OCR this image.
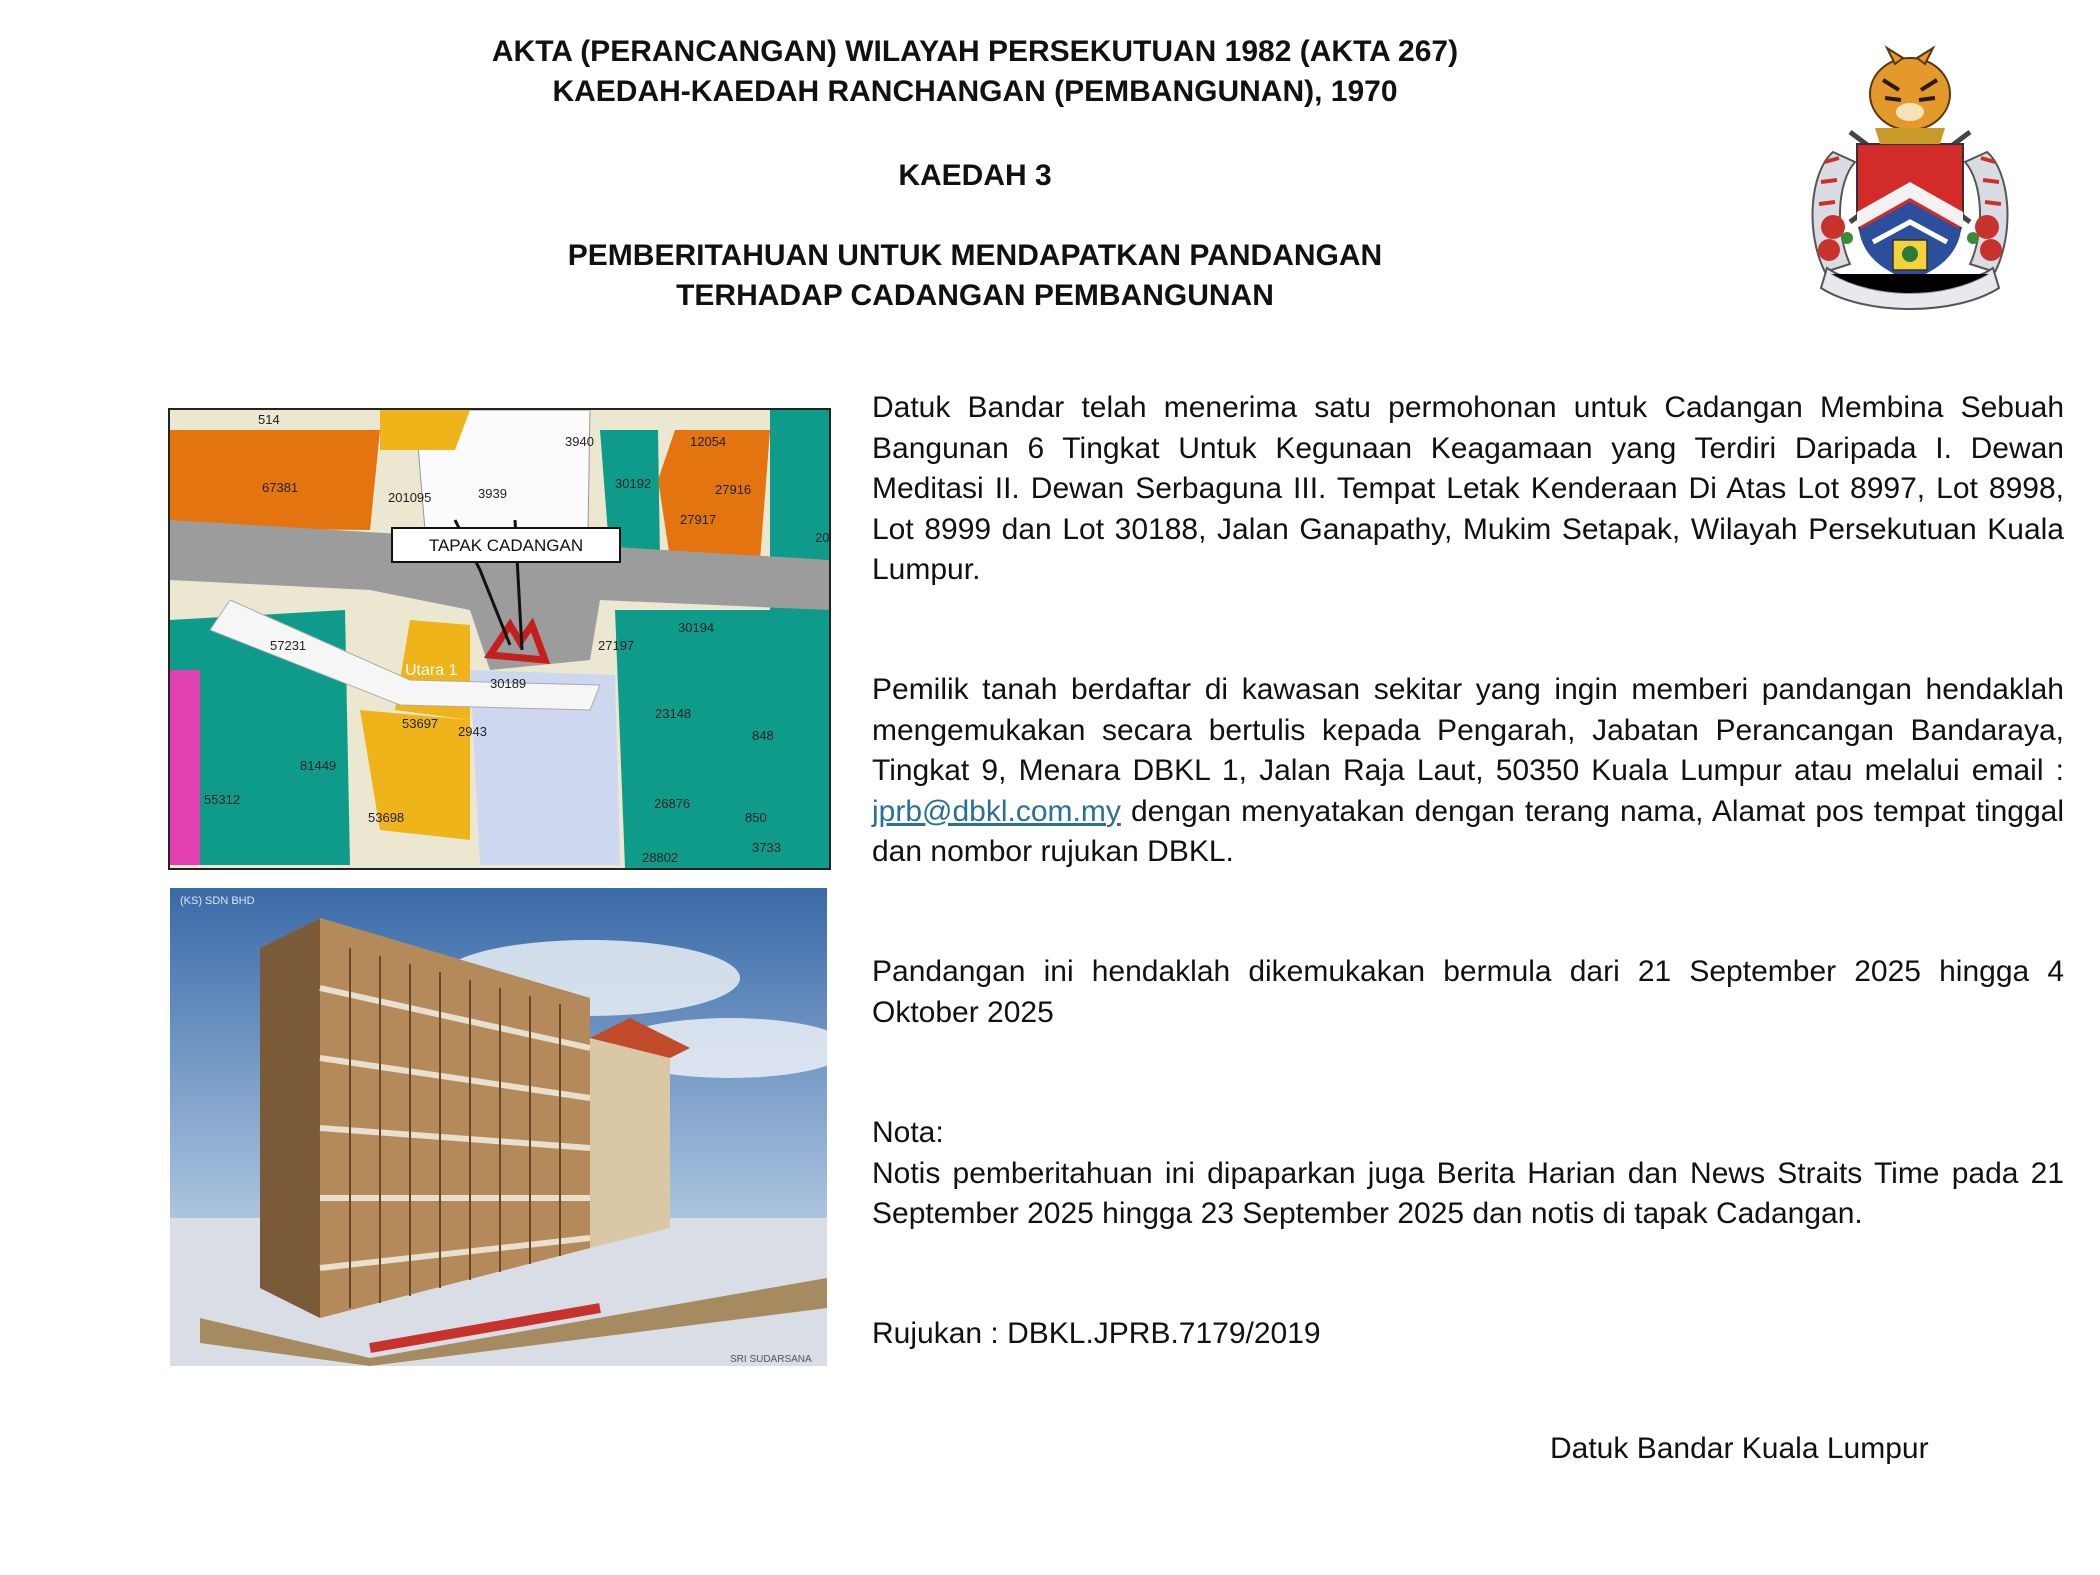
AKTA (PERANCANGAN) WILAYAH PERSEKUTUAN 1982 (AKTA 267)
KAEDAH-KAEDAH RANCHANGAN (PEMBANGUNAN), 1970
KAEDAH 3
PEMBERITAHUAN UNTUK MENDAPATKAN PANDANGAN
TERHADAP CADANGAN PEMBANGUNAN
514
3940	12054
67381
201095	3939
30192	27916
27917
20
30194
57231	27197
30189
23148
53697
2943	848
81449
55312
53698
26876
850
3733
28802
Utara 1
TAPAK CADANGAN
(KS) SDN BHD
SRI SUDARSANA
Datuk Bandar telah menerima satu permohonan untuk Cadangan Membina Sebuah Bangunan 6 Tingkat Untuk Kegunaan Keagamaan yang Terdiri Daripada I. Dewan Meditasi II. Dewan Serbaguna III. Tempat Letak Kenderaan Di Atas Lot 8997, Lot 8998, Lot 8999 dan Lot 30188, Jalan Ganapathy, Mukim Setapak, Wilayah Persekutuan Kuala Lumpur.
Pemilik tanah berdaftar di kawasan sekitar yang ingin memberi pandangan hendaklah mengemukakan secara bertulis kepada Pengarah, Jabatan Perancangan Bandaraya, Tingkat 9, Menara DBKL 1, Jalan Raja Laut, 50350 Kuala Lumpur atau melalui email : jprb@dbkl.com.my dengan menyatakan dengan terang nama, Alamat pos tempat tinggal dan nombor rujukan DBKL.
Pandangan ini hendaklah dikemukakan bermula dari 21 September 2025 hingga 4 Oktober 2025
Nota:
Notis pemberitahuan ini dipaparkan juga Berita Harian dan News Straits Time pada 21 September 2025 hingga 23 September 2025 dan notis di tapak Cadangan.
Rujukan : DBKL.JPRB.7179/2019
Datuk Bandar Kuala Lumpur
